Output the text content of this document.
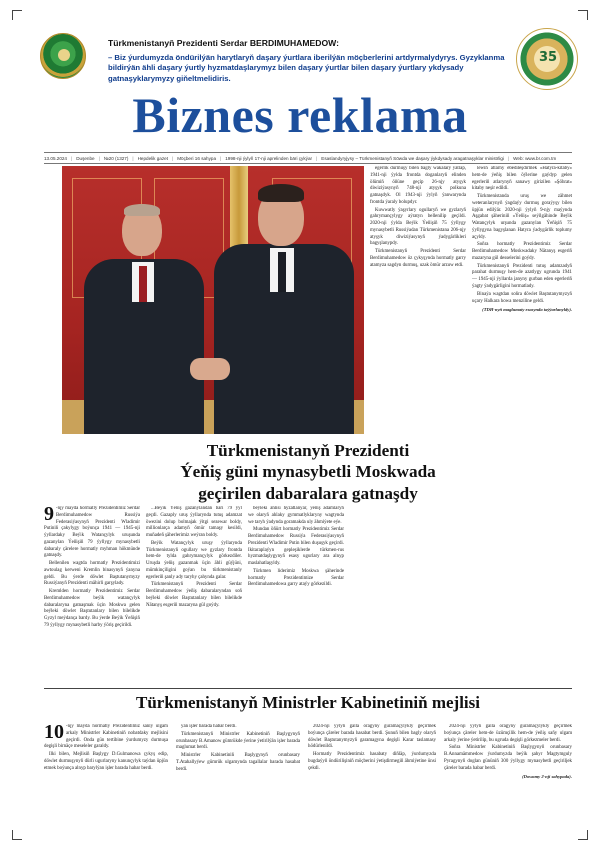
Türkmenistanyň Prezidenti Serdar BERDIMUHAMEDOW:
– Biz ýurdumyzda öndürilýän harytlaryň daşary ýurtlara iberilýän möçberlerini artdyrmalydyrys. Gyzyklanma bildirýän ähli daşary ýurtly hyzmatdaşlarymyz bilen daşary ýurtlar bilen daşary ýurtlary ykdysady gatnaşyklarymyzy giňeltmelidiris.
35
Biznes reklama
13.05.2024 | Duşenbe | №20 (1327) | Hepdelik gazet | Möçberi 16 sahypa | 1998-nji ýylyň 17-nji aprelinden bäri çykýar | Esaslandyryjysy – Türkmenistanyň Söwda we daşary ýykdysady aragatnaşyklar ministrligi | Web: www.br.com.tm
Türkmenistanyň Prezidenti
Ýeňiş güni mynasybetli Moskwada
geçirilen dabaralara gatnaşdy
9 -njy maýda hormatly Prezidentimiz Serdar Berdimuhamedow Russiýa Federasiýasynyň Prezidenti Wladimir Putiniň çakylygy boýunça 1941 — 1945-nji ýyllardaky Beýik Watançylyk uruşunda gazanylan Ýeňişiň 79 ýyllygy mynasybetli dabaraly çärelere hormatly myhman hökmünde gatnaşdy.

Bellenilen wagtda hormatly Prezidentimizi awtoulag kerweni Kremlin binasynyň ýanyna geldi. Bu ýerde döwlet Baştutanymyzy Russiýanyň Prezidenti mähirli garşylady.

Kremlden hormatly Prezidentimiz Serdar Berdimuhamedow beýik watançylyk dabaralaryna gatnaşmak üçin Moskwa gelen beýleki döwlet Baştutanlary bilen bilelikde Gyzyl meýdança bardy. Bu ýerde Beýik Ýeňişiň 79 ýyllygy mynasybetli harby ýöriş geçirildi.

...Beýik Ýeňiş gazanylandan bäri 79 ýyl geçdi. Gazaply uruş ýyllarynda tutuş adamzat öwezini dolup bolmajak ýitgi sezewar boldy, millionlarça adamyň ömür tamaşy kesildi, muňadeň şäherlerimiz weýran boldy.

Beýik Watançylyk uruşy ýyllarynda Türkmenistanyň ogullary we gyzlary frontda hem-de tylda gahrymançylyk görkezdiler. Uruşda ýeňiş gazanmak üçin ähli güýjüni, mümkinçiligini goýan bu türkmenistanly egerleriň şanly ady taryhy çahynda galar.

Türkmenistanyň Prezidenti Serdar Berdimuhamedow ýeňiş dabaralaryndan soň beýleki döwlet Baştutanlary bilen bilelikde Nätanyş esgeriň mazaryna gül goýdy.

beýleki ählisi hyzatlanýar, ýeňiş adamlaryň we olaryň ahlaky gymmatlyklaryny wagtynda we taryh ýadynda goramakda uly ähmiýete eýe.

Mundan öňürt hormatly Prezidentimiz Serdar Berdimuhamedow Russiýa Federasiýasynyň Prezidenti Wladimir Putin bilen duşuşyk geçirdi. Ikitaraplaýyn gepleşiklerde türkmen-rus hyzmatdaşlygynyň esasy ugurlary ara alnyp maslahatlaşyldy.

Türkmen liderimiz Moskwa şäherinde hormatly Prezidentimize Serdar Berdimuhamedowa garry ataýy görkezildi.

egerlik durmuşy bilen bagly wakalary ýatlap, 1941-nji ýylda frontda doganlaryň elinden ölümiň öňüne geçip 26-njy atyşyk diwiziýasynyň 748-nji atyşyk polkuna gatnaşdyk. Ol 1943-nji ýylyň ýanwarynda frontda ýaraly bolupdyr.

Kuwwatly ýaşyrlary ogullaryň we gyzlaryň gahrymançylygy aýratyn bellenilip geçildi. 2020-nji ýylda Beýik Ýeňişiň 75 ýyllygy mynasybetli Russiýadan Türkmenistana 206-njy atyşyk diwiziýasynyň ýadygärlikleri bagyşlanypdy.

Türkmenistanyň Prezidenti Serdar Berdimuhamedow öz çykyşynda hormatly garry atamyza sagdyn durmuş, uzak ömür arzuw etdi.

lewiň atlarny ebedileşdirmek «Hatyra-kitaby» hem-de ýeňiş bilen öýlerine gaýdyp gelen egerleriň atlarynyň sanawy girizilen «Şöhrat» kitaby neşir edildi.

Türkmenistanda uruş we zähmet weteranlarynyň ýagdaýy durmuş goraýyşy bilen üpjün edilýär. 2020-nji ýylyň 9-njy maýynda Aşgabat şäheriniň «Ýeňiş» seýilgähinde Beýik Watançylyk urşunda gazanylan Ýeňişiň 75 ýyllygyna bagyşlanan Hatyra ýadygärlik toplumy açyldy.

Soňra hormatly Prezidentimiz Serdar Berdimuhamedow Moskwadaky Nätanyş esgeriň mazaryna gül desselerini goýdy.

Türkmenistanyň Prezidenti tutuş adamzadyň parahat durmuşy hem-de azatlygy ugrunda 1941 — 1945-nji ýyllarda janyny gurban eden egerleriň ýagty ýadygärligini hormatlady.

Binaýa wagtdan soňra döwlet Baştutanymyzyň uçary Halkara howa menziline geldi.

(TDH-nyň maglumaty esasynda taýýarlanyldy).
Türkmenistanyň Ministrler Kabinetiniň mejlisi
10 -njy maýda hormatly Prezidentimiz sanly ulgam arkaly Ministrler Kabinetiniň nobatdaky mejlisini geçirdi. Onda gün tertibine ýurdumyzy durmuşa degişli birnäçe meseleler garaldy.

Ilki bilen, Mejlisiň Başlygy D.Gulmanowa çykyş edip, döwlet durmuşynyň dürli ugurlaryny kanunçylyk taýdan üpjün etmek boýunça alnyp barylýan işler barada habar berdi.

ýan işler barada habar berdi.

Türkmenistanyň Ministrler Kabinetiniň Başlygynyň orunbasary B.Amanow gümrükde ýerine ýetirilýän işler barada maglumat berdi.

Ministrler Kabinetiniň Başlygynyň orunbasary T.Atahallyýew gümrük ulgamynda tagallalar barada hasabat berdi.

2024-nji ýylyň galla oragyny guramaçylykly geçirmek boýunça çäreler barada hasabat berdi. Şunuň bilen bagly olaryň döwlet Baştutanymyzyň garamagyna degişli Karar taslamasy hödürlenildi.

Hormatly Prezidentimiz hasabaty diňläp, ýurdumyzda bugdaýyň öndürilişiniň möçberini ýetişdirmegiň ähmiýetine ünsi çekdi.

2024-nji ýylyň galla oragyny guramaçylykly geçirmek boýunça çäreler hem-de üzümçilik hem-de ýeňiş saňy ulgam arkaly ýerine ýetirilip, bu ugruda degişli görkezmeler berdi.

Soňra Ministrler Kabinetiniň Başlygynyň orunbasary B.Annamämmedow ýurdumyzda beýik şahyr Magtymguly Pyragynyň doglan gününiň 300 ýyllygy mynasybetli geçiriljek çäreler barada habar berdi.

(Dowamy 2-nji sahypada).
